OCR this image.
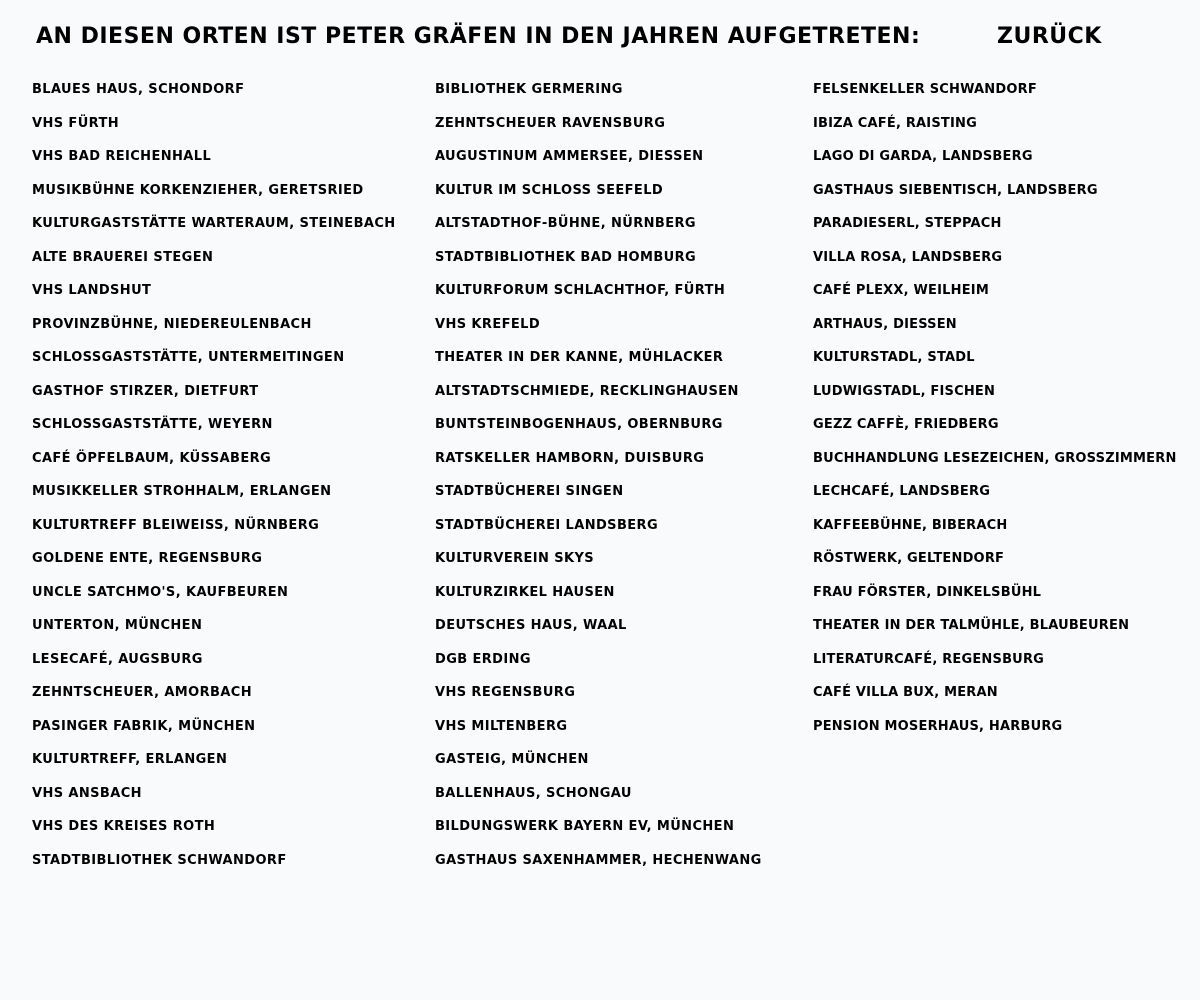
AN DIESEN ORTEN IST PETER GRÄFEN IN DEN JAHREN AUFGETRETEN:	ZURÜCK
BLAUES HAUS, SCHONDORF
VHS FÜRTH
VHS BAD REICHENHALL
MUSIKBÜHNE KORKENZIEHER, GERETSRIED
KULTURGASTSTÄTTE WARTERAUM, STEINEBACH
ALTE BRAUEREI STEGEN
VHS LANDSHUT
PROVINZBÜHNE, NIEDEREULENBACH
SCHLOSSGASTSTÄTTE, UNTERMEITINGEN
GASTHOF STIRZER, DIETFURT
SCHLOSSGASTSTÄTTE, WEYERN
CAFÉ ÖPFELBAUM, KÜSSABERG
MUSIKKELLER STROHHALM, ERLANGEN
KULTURTREFF BLEIWEISS, NÜRNBERG
GOLDENE ENTE, REGENSBURG
UNCLE SATCHMO'S, KAUFBEUREN
UNTERTON, MÜNCHEN
LESECAFÉ, AUGSBURG
ZEHNTSCHEUER, AMORBACH
PASINGER FABRIK, MÜNCHEN
KULTURTREFF, ERLANGEN
VHS ANSBACH
VHS DES KREISES ROTH
STADTBIBLIOTHEK SCHWANDORF
BIBLIOTHEK GERMERING
ZEHNTSCHEUER RAVENSBURG
AUGUSTINUM AMMERSEE, DIESSEN
KULTUR IM SCHLOSS SEEFELD
ALTSTADTHOF-BÜHNE, NÜRNBERG
STADTBIBLIOTHEK BAD HOMBURG
KULTURFORUM SCHLACHTHOF, FÜRTH
VHS KREFELD
THEATER IN DER KANNE, MÜHLACKER
ALTSTADTSCHMIEDE, RECKLINGHAUSEN
BUNTSTEINBOGENHAUS, OBERNBURG
RATSKELLER HAMBORN, DUISBURG
STADTBÜCHEREI SINGEN
STADTBÜCHEREI LANDSBERG
KULTURVEREIN SKYS
KULTURZIRKEL HAUSEN
DEUTSCHES HAUS, WAAL
DGB ERDING
VHS REGENSBURG
VHS MILTENBERG
GASTEIG, MÜNCHEN
BALLENHAUS, SCHONGAU
BILDUNGSWERK BAYERN EV, MÜNCHEN
GASTHAUS SAXENHAMMER, HECHENWANG
FELSENKELLER SCHWANDORF
IBIZA CAFÉ, RAISTING
LAGO DI GARDA, LANDSBERG
GASTHAUS SIEBENTISCH, LANDSBERG
PARADIESERL, STEPPACH
VILLA ROSA, LANDSBERG
CAFÉ PLEXX, WEILHEIM
ARTHAUS, DIESSEN
KULTURSTADL, STADL
LUDWIGSTADL, FISCHEN
GEZZ CAFFÈ, FRIEDBERG
BUCHHANDLUNG LESEZEICHEN, GROSSZIMMERN
LECHCAFÉ, LANDSBERG
KAFFEEBÜHNE, BIBERACH
RÖSTWERK, GELTENDORF
FRAU FÖRSTER, DINKELSBÜHL
THEATER IN DER TALMÜHLE, BLAUBEUREN
LITERATURCAFÉ, REGENSBURG
CAFÉ VILLA BUX, MERAN
PENSION MOSERHAUS, HARBURG
